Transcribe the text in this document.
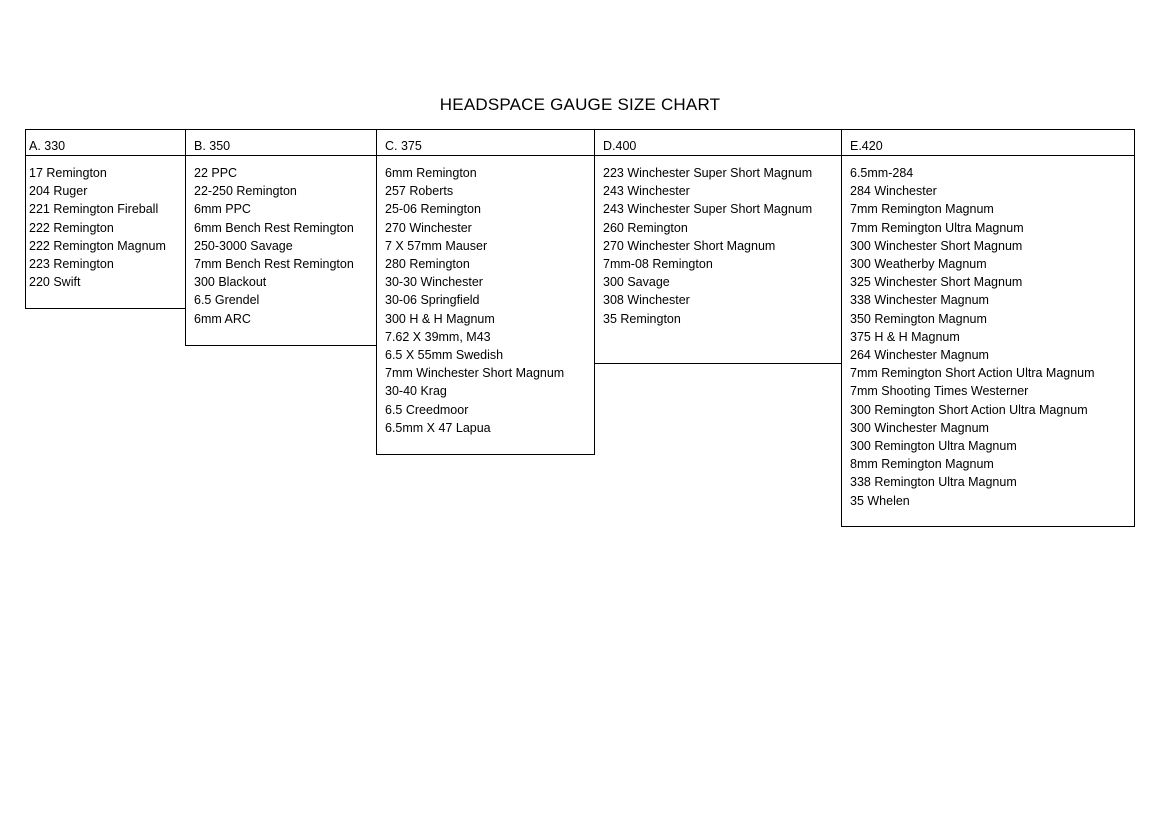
HEADSPACE GAUGE SIZE CHART
A. 330
17 Remington
204 Ruger
221 Remington Fireball
222 Remington
222 Remington Magnum
223 Remington
220 Swift
B. 350
22 PPC
22-250 Remington
6mm PPC
6mm Bench Rest Remington
250-3000 Savage
7mm Bench Rest Remington
300 Blackout
6.5 Grendel
6mm ARC
C. 375
6mm Remington
257 Roberts
25-06 Remington
270 Winchester
7 X 57mm Mauser
280 Remington
30-30 Winchester
30-06 Springfield
300 H & H Magnum
7.62 X 39mm, M43
6.5 X 55mm Swedish
7mm Winchester Short Magnum
30-40 Krag
6.5 Creedmoor
6.5mm X 47 Lapua
D.400
223 Winchester Super Short Magnum
243 Winchester
243 Winchester Super Short Magnum
260 Remington
270 Winchester Short Magnum
7mm-08 Remington
300 Savage
308 Winchester
35 Remington
E.420
6.5mm-284
284 Winchester
7mm Remington Magnum
7mm Remington Ultra Magnum
300 Winchester Short Magnum
300 Weatherby Magnum
325 Winchester Short Magnum
338 Winchester Magnum
350 Remington Magnum
375 H & H Magnum
264 Winchester Magnum
7mm Remington Short Action Ultra Magnum
7mm Shooting Times Westerner
300 Remington Short Action Ultra Magnum
300 Winchester Magnum
300 Remington Ultra Magnum
8mm Remington Magnum
338 Remington Ultra Magnum
35 Whelen
